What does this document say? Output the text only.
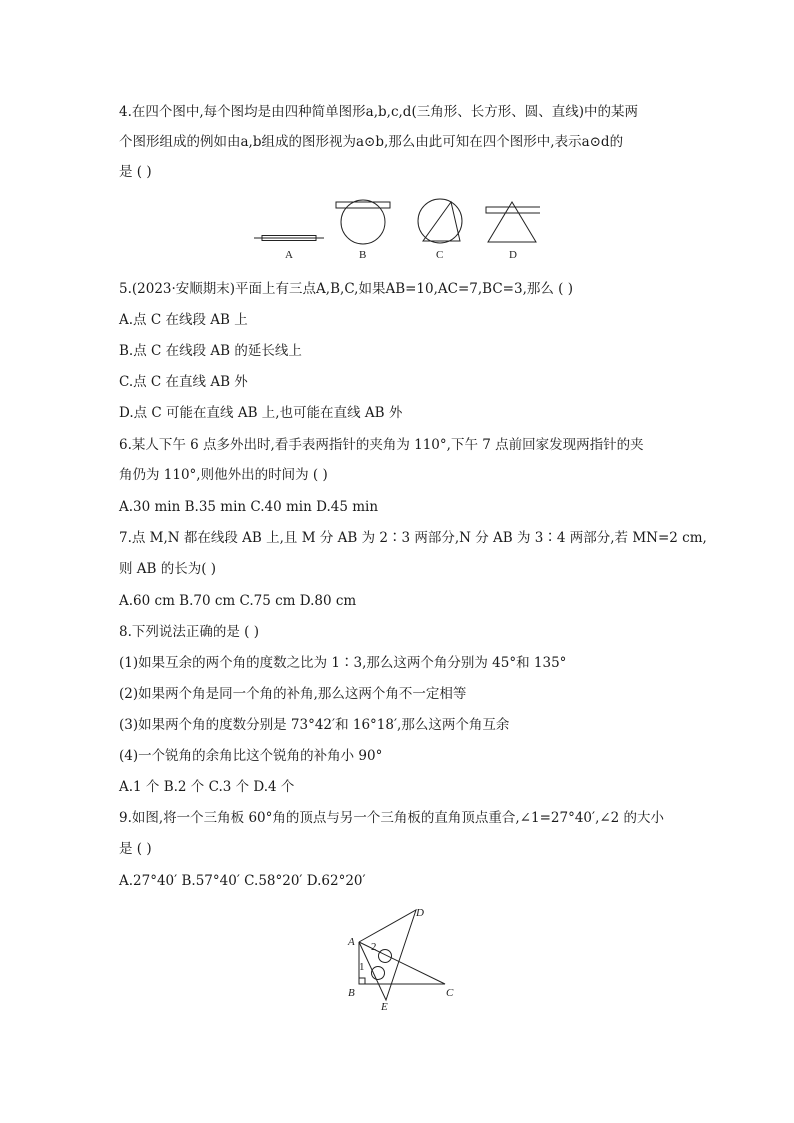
4.在四个图中,每个图均是由四种简单图形a,b,c,d(三角形、长方形、圆、直线)中的某两
个图形组成的例如由a,b组成的图形视为a⊙b,那么由此可知在四个图形中,表示a⊙d的
是 ( )
A	B	C	D
5.(2023·安顺期末)平面上有三点A,B,C,如果AB=10,AC=7,BC=3,那么 ( )
A.点 C 在线段 AB 上
B.点 C 在线段 AB 的延长线上
C.点 C 在直线 AB 外
D.点 C 可能在直线 AB 上,也可能在直线 AB 外
6.某人下午 6 点多外出时,看手表两指针的夹角为 110°,下午 7 点前回家发现两指针的夹
角仍为 110°,则他外出的时间为 ( )
A.30 min B.35 min C.40 min D.45 min
7.点 M,N 都在线段 AB 上,且 M 分 AB 为 2∶3 两部分,N 分 AB 为 3∶4 两部分,若 MN=2 cm,
则 AB 的长为( )
A.60 cm B.70 cm C.75 cm D.80 cm
8.下列说法正确的是 ( )
(1)如果互余的两个角的度数之比为 1∶3,那么这两个角分别为 45°和 135°
(2)如果两个角是同一个角的补角,那么这两个角不一定相等
(3)如果两个角的度数分别是 73°42′和 16°18′,那么这两个角互余
(4)一个锐角的余角比这个锐角的补角小 90°
A.1 个 B.2 个 C.3 个 D.4 个
9.如图,将一个三角板 60°角的顶点与另一个三角板的直角顶点重合,∠1=27°40′,∠2 的大小
是 ( )
A.27°40′ B.57°40′ C.58°20′ D.62°20′
A
B	C
D
E
2
1
